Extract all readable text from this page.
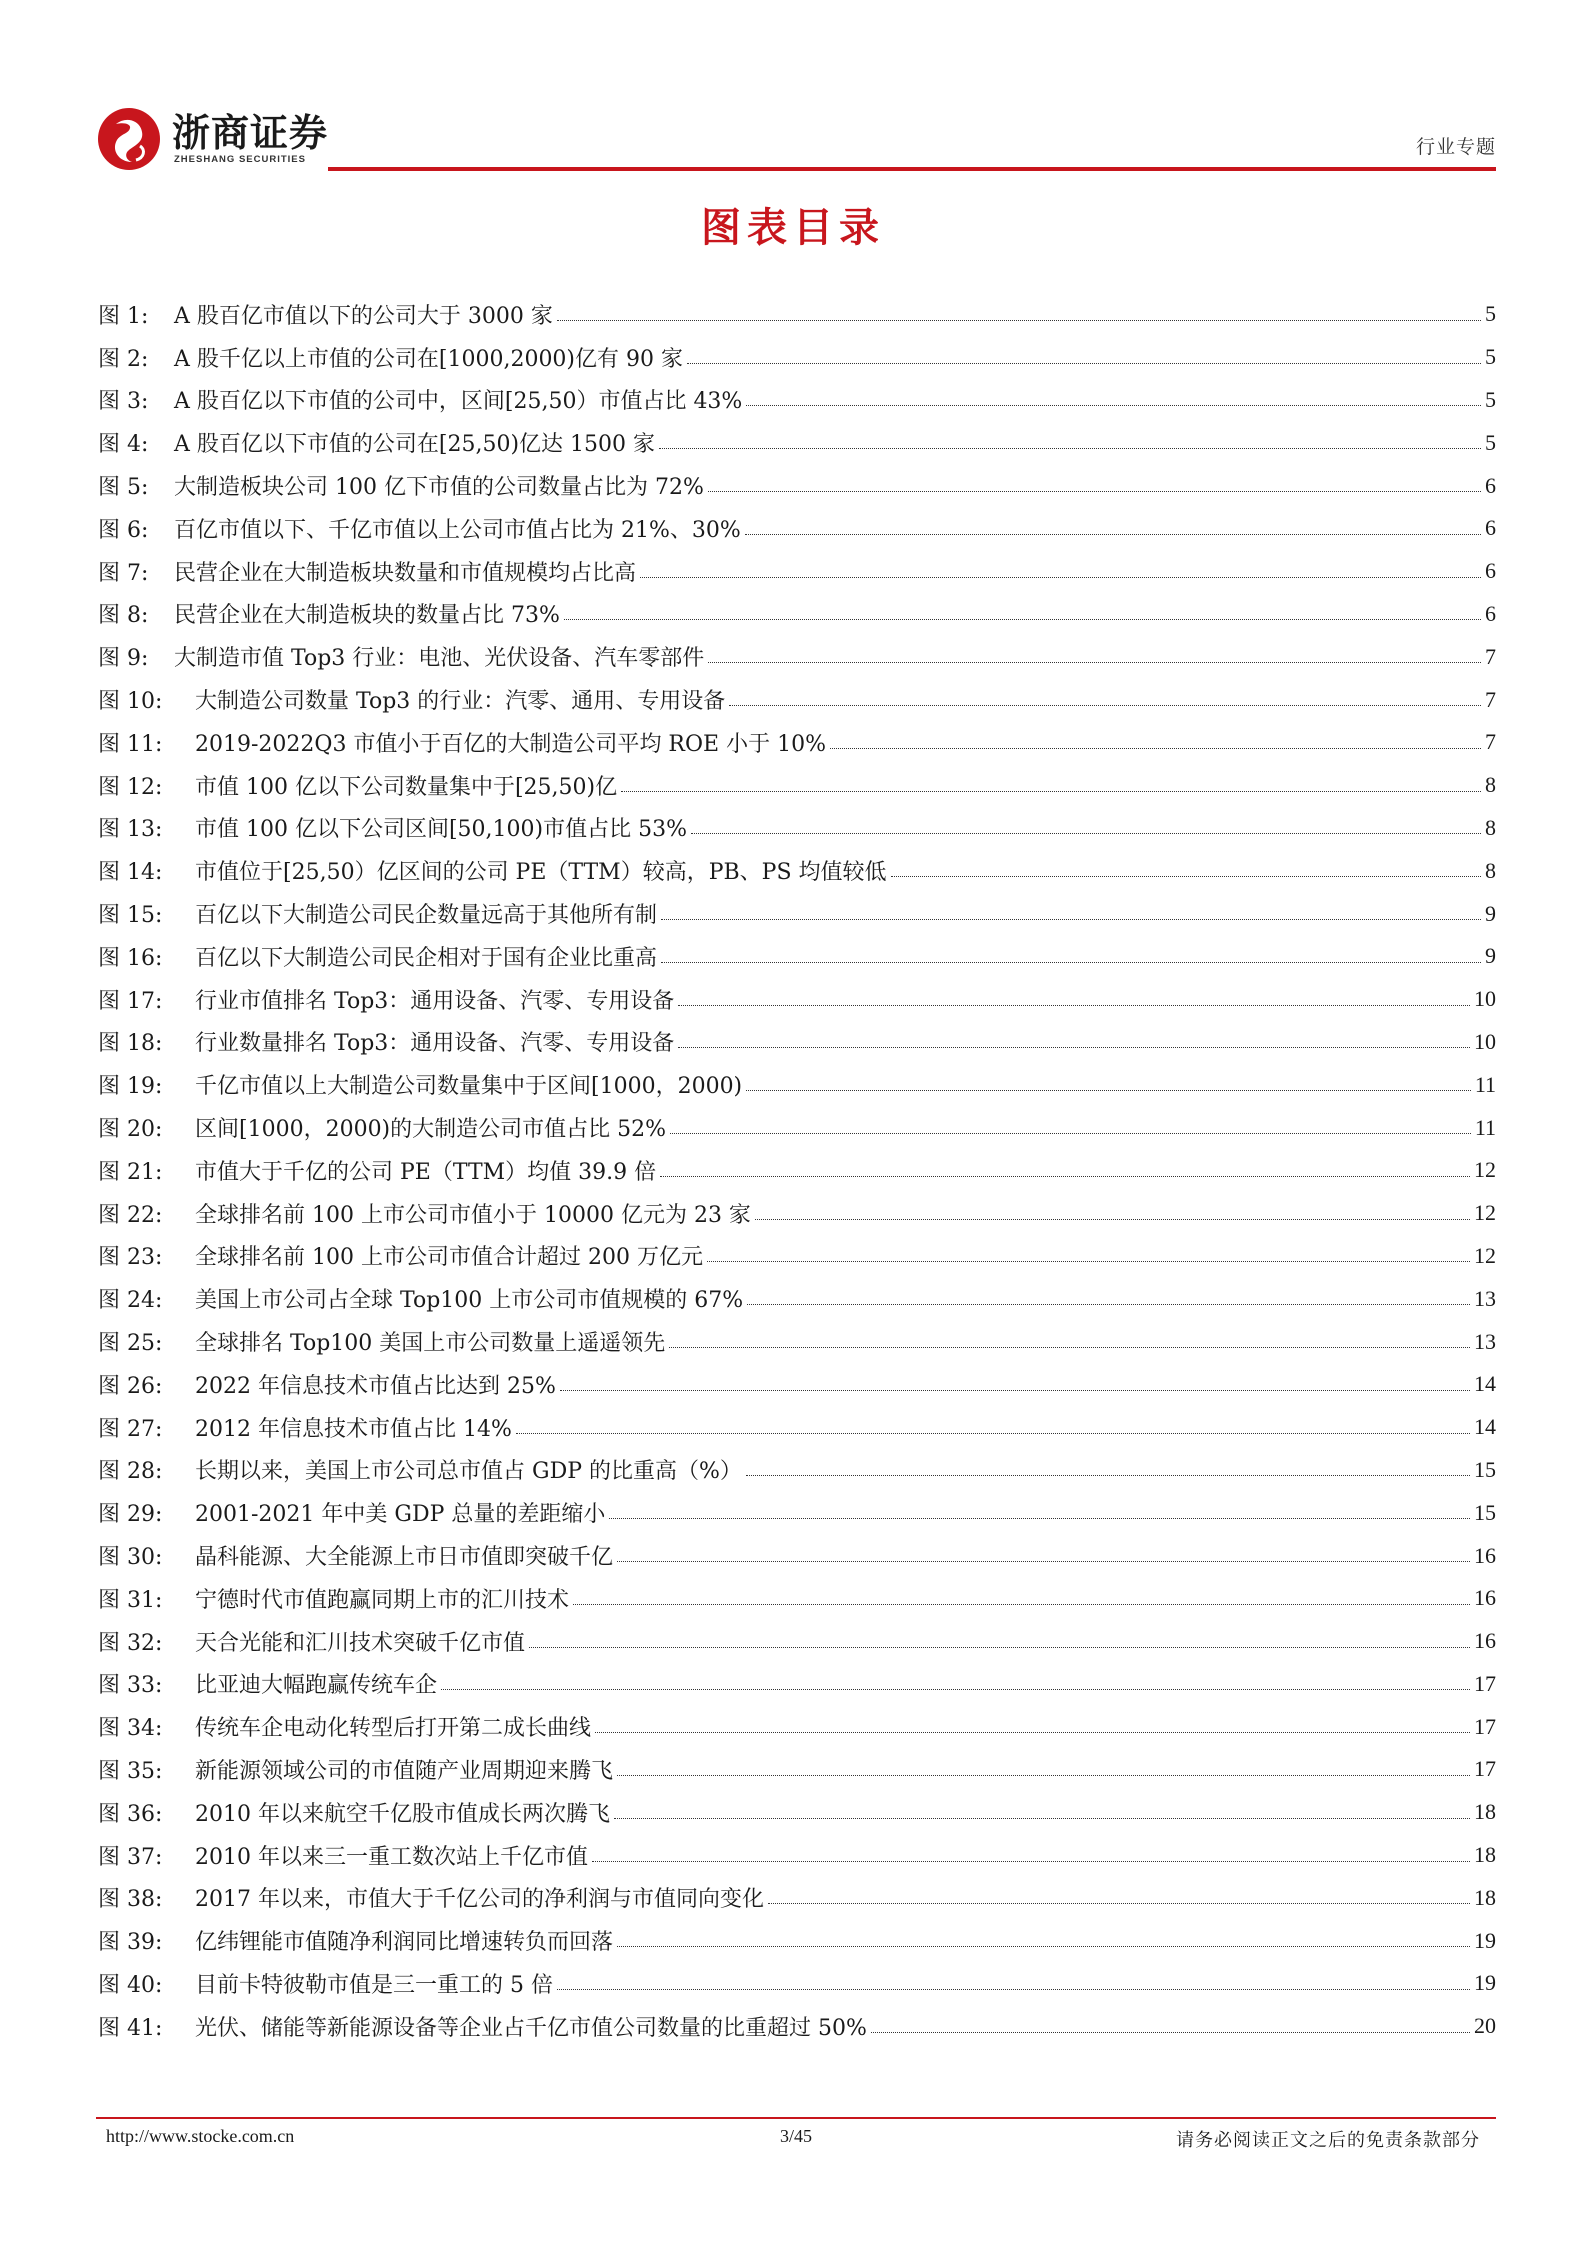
浙商证券
ZHESHANG SECURITIES
行业专题
图表目录
图 1:	A 股百亿市值以下的公司大于 3000 家	5
图 2:	A 股千亿以上市值的公司在[1000,2000)亿有 90 家	5
图 3:	A 股百亿以下市值的公司中，区间[25,50）市值占比 43%	5
图 4:	A 股百亿以下市值的公司在[25,50)亿达 1500 家	5
图 5:	大制造板块公司 100 亿下市值的公司数量占比为 72%	6
图 6:	百亿市值以下、千亿市值以上公司市值占比为 21%、30%	6
图 7:	民营企业在大制造板块数量和市值规模均占比高	6
图 8:	民营企业在大制造板块的数量占比 73%	6
图 9:	大制造市值 Top3 行业：电池、光伏设备、汽车零部件	7
图 10:	大制造公司数量 Top3 的行业：汽零、通用、专用设备	7
图 11:	2019-2022Q3 市值小于百亿的大制造公司平均 ROE 小于 10%	7
图 12:	市值 100 亿以下公司数量集中于[25,50)亿	8
图 13:	市值 100 亿以下公司区间[50,100)市值占比 53%	8
图 14:	市值位于[25,50）亿区间的公司 PE（TTM）较高，PB、PS 均值较低	8
图 15:	百亿以下大制造公司民企数量远高于其他所有制	9
图 16:	百亿以下大制造公司民企相对于国有企业比重高	9
图 17:	行业市值排名 Top3：通用设备、汽零、专用设备	10
图 18:	行业数量排名 Top3：通用设备、汽零、专用设备	10
图 19:	千亿市值以上大制造公司数量集中于区间[1000，2000)	11
图 20:	区间[1000，2000)的大制造公司市值占比 52%	11
图 21:	市值大于千亿的公司 PE（TTM）均值 39.9 倍	12
图 22:	全球排名前 100 上市公司市值小于 10000 亿元为 23 家	12
图 23:	全球排名前 100 上市公司市值合计超过 200 万亿元	12
图 24:	美国上市公司占全球 Top100 上市公司市值规模的 67%	13
图 25:	全球排名 Top100 美国上市公司数量上遥遥领先	13
图 26:	2022 年信息技术市值占比达到 25%	14
图 27:	2012 年信息技术市值占比 14%	14
图 28:	长期以来，美国上市公司总市值占 GDP 的比重高（%）	15
图 29:	2001-2021 年中美 GDP 总量的差距缩小	15
图 30:	晶科能源、大全能源上市日市值即突破千亿	16
图 31:	宁德时代市值跑赢同期上市的汇川技术	16
图 32:	天合光能和汇川技术突破千亿市值	16
图 33:	比亚迪大幅跑赢传统车企	17
图 34:	传统车企电动化转型后打开第二成长曲线	17
图 35:	新能源领域公司的市值随产业周期迎来腾飞	17
图 36:	2010 年以来航空千亿股市值成长两次腾飞	18
图 37:	2010 年以来三一重工数次站上千亿市值	18
图 38:	2017 年以来，市值大于千亿公司的净利润与市值同向变化	18
图 39:	亿纬锂能市值随净利润同比增速转负而回落	19
图 40:	目前卡特彼勒市值是三一重工的 5 倍	19
图 41:	光伏、储能等新能源设备等企业占千亿市值公司数量的比重超过 50%	20
http://www.stocke.com.cn	3/45	请务必阅读正文之后的免责条款部分
